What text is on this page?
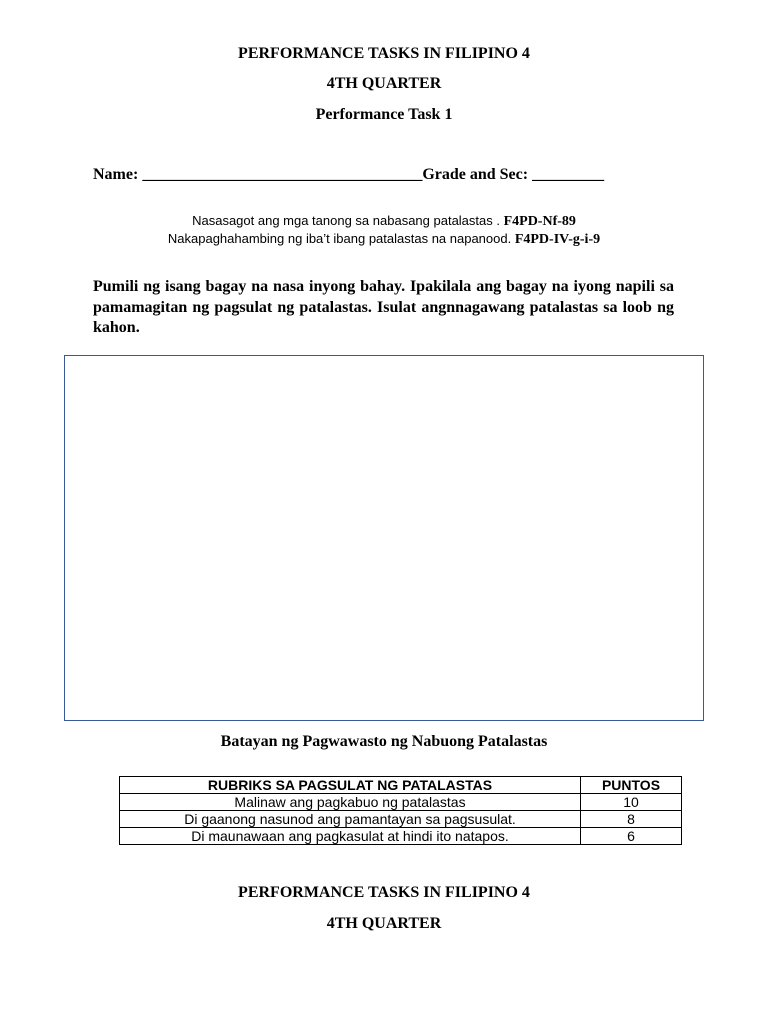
PERFORMANCE TASKS IN FILIPINO 4
4TH QUARTER
Performance Task 1
Name: ___________________________________Grade and Sec: _________
Nasasagot ang mga tanong sa nabasang patalastas . F4PD-Nf-89
Nakapaghahambing ng iba’t ibang patalastas na napanood. F4PD-IV-g-i-9
Pumili ng isang bagay na nasa inyong bahay. Ipakilala ang bagay na iyong napili sa pamamagitan ng pagsulat ng patalastas. Isulat angnnagawang patalastas sa loob ng kahon.
Batayan ng Pagwawasto ng Nabuong Patalastas
RUBRIKS SA PAGSULAT NG PATALASTAS	PUNTOS
Malinaw ang pagkabuo ng patalastas	10
Di gaanong nasunod ang pamantayan sa pagsusulat.	8
Di maunawaan ang pagkasulat at hindi ito natapos.	6
PERFORMANCE TASKS IN FILIPINO 4
4TH QUARTER
